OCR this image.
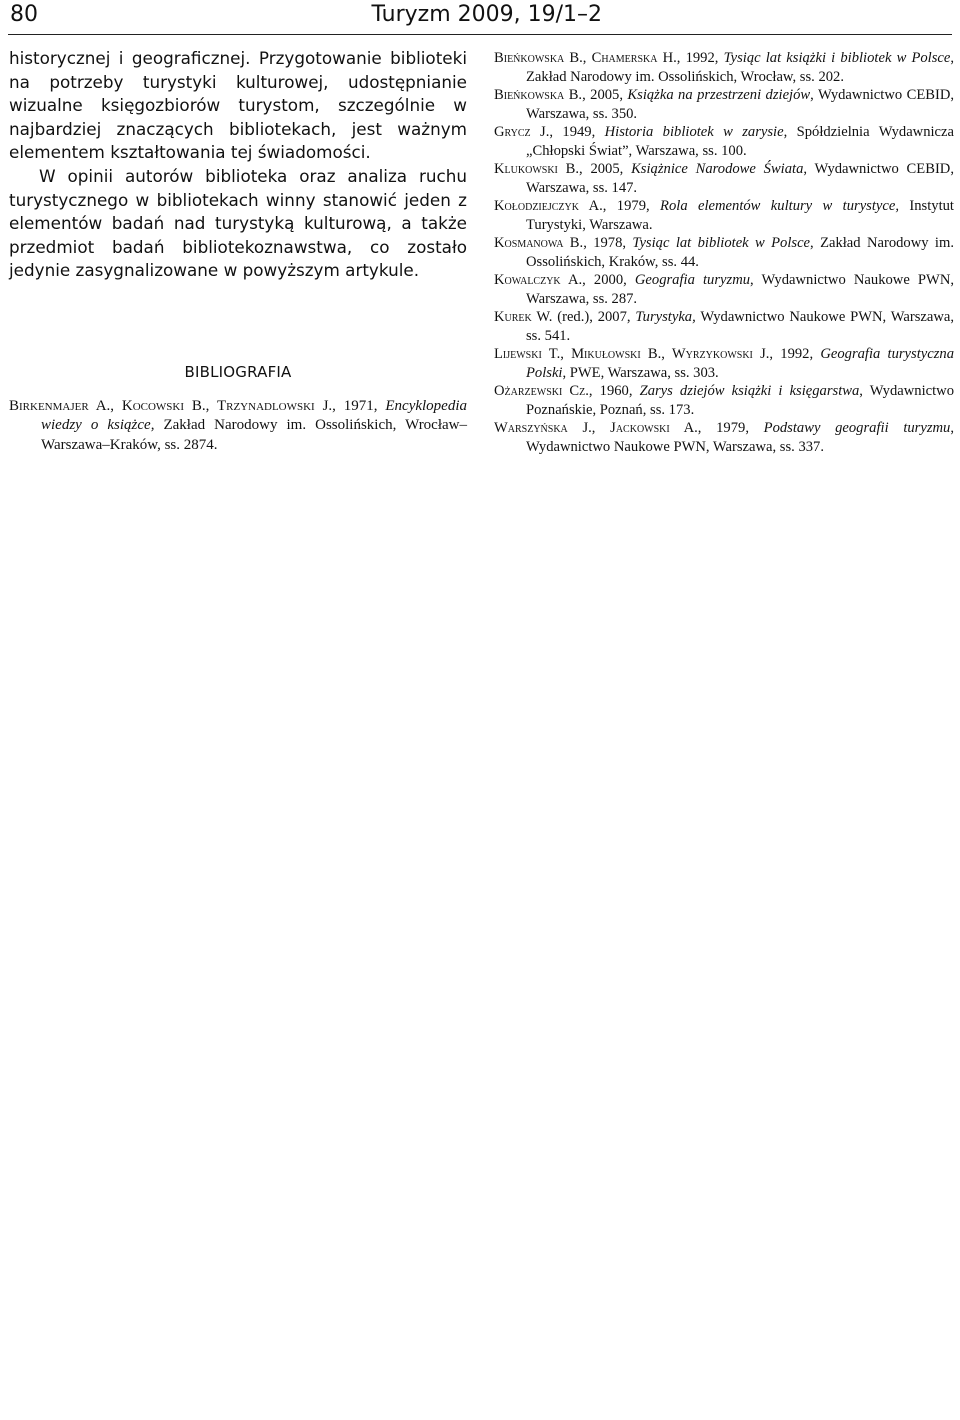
80	Turyzm 2009, 19/1–2

historycznej i geograficznej. Przygotowanie biblioteki na potrzeby turystyki kulturowej, udostępnianie wizualne księgozbiorów turystom, szczególnie w najbardziej znaczących bibliotekach, jest ważnym elementem kształtowania tej świadomości.

W opinii autorów biblioteka oraz analiza ruchu turystycznego w bibliotekach winny stanowić jeden z elementów badań nad turystyką kulturową, a także przedmiot badań bibliotekoznawstwa, co zostało jedynie zasygnalizowane w powyższym artykule.

BIBLIOGRAFIA

Birkenmajer A., Kocowski B., Trzynadlowski J., 1971, Encyklopedia wiedzy o książce, Zakład Narodowy im. Ossolińskich, Wrocław–Warszawa–Kraków, ss. 2874.

Bieńkowska B., Chamerska H., 1992, Tysiąc lat książki i bibliotek w Polsce, Zakład Narodowy im. Ossolińskich, Wrocław, ss. 202.

Bieńkowska B., 2005, Książka na przestrzeni dziejów, Wydawnictwo CEBID, Warszawa, ss. 350.

Grycz J., 1949, Historia bibliotek w zarysie, Spółdzielnia Wydawnicza „Chłopski Świat”, Warszawa, ss. 100.

Klukowski B., 2005, Książnice Narodowe Świata, Wydawnictwo CEBID, Warszawa, ss. 147.

Kołodziejczyk A., 1979, Rola elementów kultury w turystyce, Instytut Turystyki, Warszawa.

Kosmanowa B., 1978, Tysiąc lat bibliotek w Polsce, Zakład Narodowy im. Ossolińskich, Kraków, ss. 44.

Kowalczyk A., 2000, Geografia turyzmu, Wydawnictwo Naukowe PWN, Warszawa, ss. 287.

Kurek W. (red.), 2007, Turystyka, Wydawnictwo Naukowe PWN, Warszawa, ss. 541.

Lijewski T., Mikułowski B., Wyrzykowski J., 1992, Geografia turystyczna Polski, PWE, Warszawa, ss. 303.

Ożarzewski Cz., 1960, Zarys dziejów książki i księgarstwa, Wydawnictwo Poznańskie, Poznań, ss. 173.

Warszyńska J., Jackowski A., 1979, Podstawy geografii turyzmu, Wydawnictwo Naukowe PWN, Warszawa, ss. 337.
